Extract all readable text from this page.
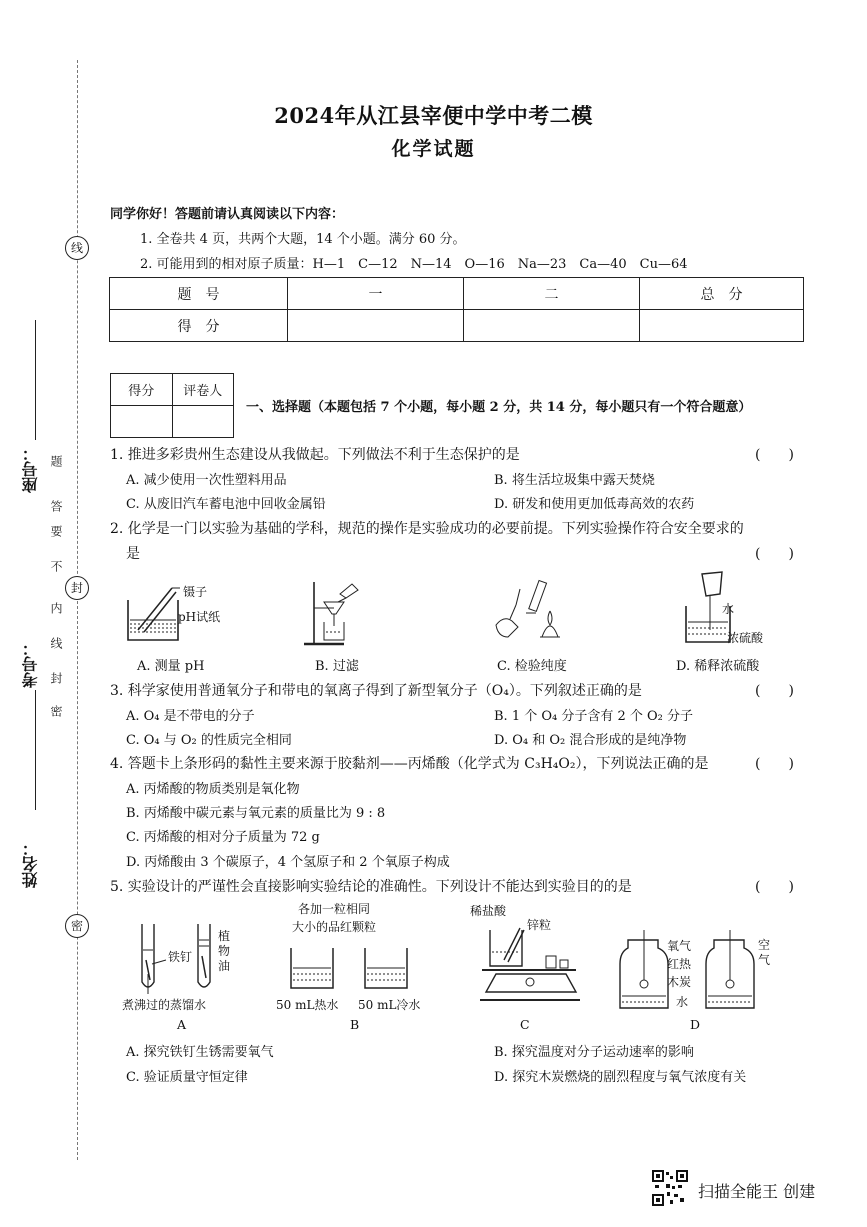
线
封
密
题
答
要
不
内
线
封
密
座号：
考号：
姓名：
2024年从江县宰便中学中考二模
化学试题
同学你好！答题前请认真阅读以下内容：
1. 全卷共 4 页，共两个大题，14 个小题。满分 60 分。
2. 可能用到的相对原子质量：H—1　C—12　N—14　O—16　Na—23　Ca—40　Cu—64
题　号	一	二	总　分
得　分			
得分	评卷人

一、选择题（本题包括 7 个小题，每小题 2 分，共 14 分，每小题只有一个符合题意）
1. 推进多彩贵州生态建设从我做起。下列做法不利于生态保护的是	(　　)
A. 减少使用一次性塑料用品	B. 将生活垃圾集中露天焚烧
C. 从废旧汽车蓄电池中回收金属铅	D. 研发和使用更加低毒高效的农药
2. 化学是一门以实验为基础的学科，规范的操作是实验成功的必要前提。下列实验操作符合安全要求的
是	(　　)
镊子
pH试纸
水
浓硫酸
A. 测量 pH	B. 过滤	C. 检验纯度	D. 稀释浓硫酸
3. 科学家使用普通氧分子和带电的氧离子得到了新型氧分子（O₄）。下列叙述正确的是	(　　)
A. O₄ 是不带电的分子	B. 1 个 O₄ 分子含有 2 个 O₂ 分子
C. O₄ 与 O₂ 的性质完全相同	D. O₄ 和 O₂ 混合形成的是纯净物
4. 答题卡上条形码的黏性主要来源于胶黏剂——丙烯酸（化学式为 C₃H₄O₂），下列说法正确的是	(　　)
A. 丙烯酸的物质类别是氧化物
B. 丙烯酸中碳元素与氧元素的质量比为 9 : 8
C. 丙烯酸的相对分子质量为 72 g
D. 丙烯酸由 3 个碳原子，4 个氢原子和 2 个氧原子构成
5. 实验设计的严谨性会直接影响实验结论的准确性。下列设计不能达到实验目的的是	(　　)
铁钉
植物油
煮沸过的蒸馏水
A
各加一粒相同
大小的品红颗粒
50 mL热水 50 mL冷水
B
稀盐酸
锌粒
C
氧气
红热
木炭
水
空气
D
A. 探究铁钉生锈需要氧气	B. 探究温度对分子运动速率的影响
C. 验证质量守恒定律	D. 探究木炭燃烧的剧烈程度与氧气浓度有关
扫描全能王 创建
